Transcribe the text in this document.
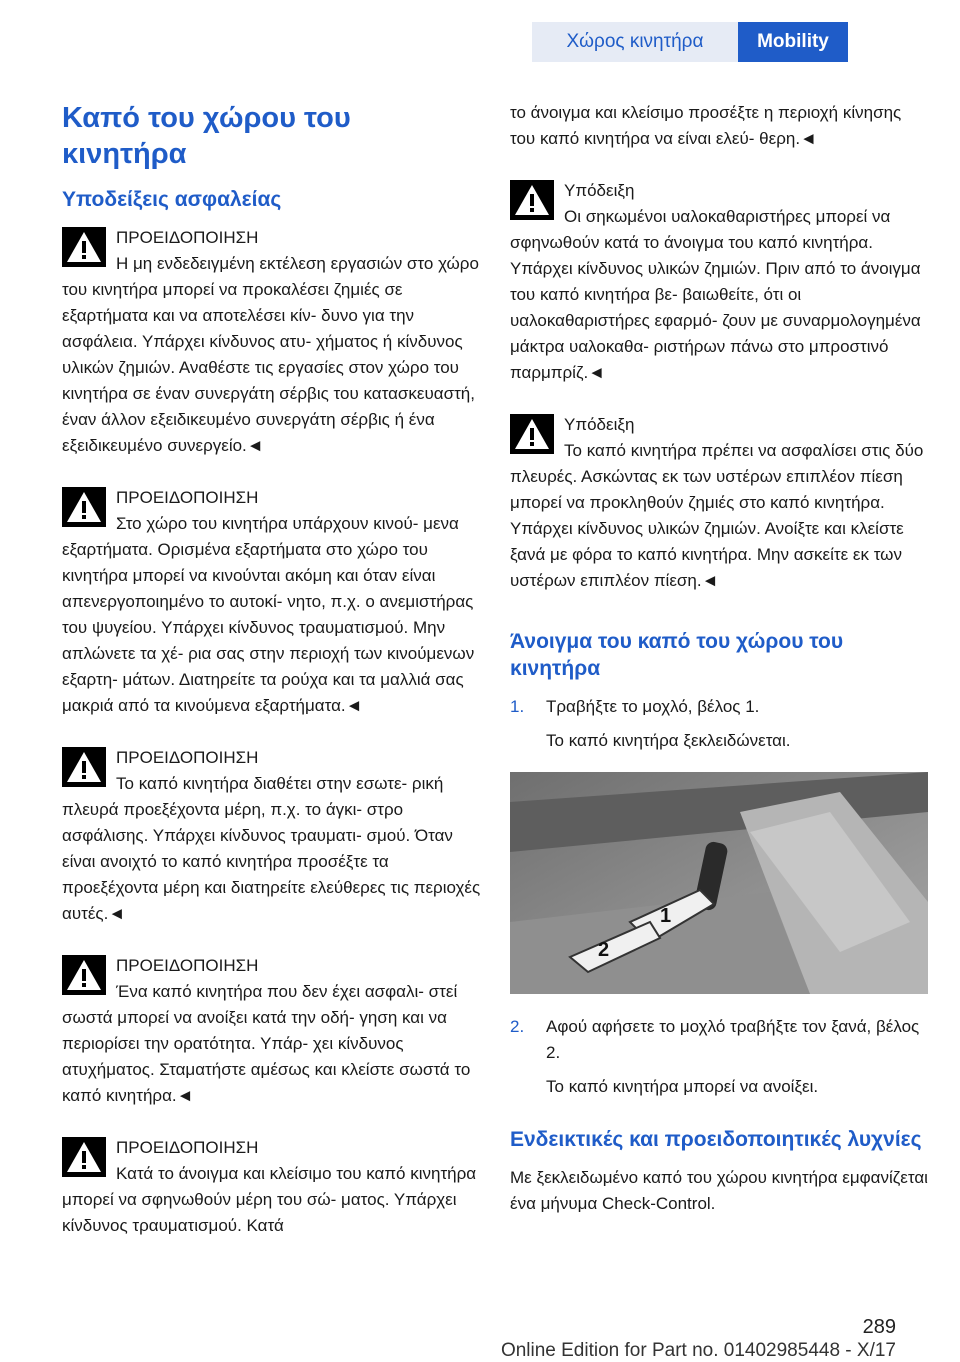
Χώρος κινητήρα	Mobility
Καπό του χώρου του κινητήρα
Υποδείξεις ασφαλείας
ΠΡΟΕΙΔΟΠΟΙΗΣΗ

Η μη ενδεδειγμένη εκτέλεση εργασιών στο χώρο του κινητήρα μπορεί να προκαλέσει ζημιές σε εξαρτήματα και να αποτελέσει κίν- δυνο για την ασφάλεια. Υπάρχει κίνδυνος ατυ- χήματος ή κίνδυνος υλικών ζημιών. Αναθέστε τις εργασίες στον χώρο του κινητήρα σε έναν συνεργάτη σέρβις του κατασκευαστή, έναν άλλον εξειδικευμένο συνεργάτη σέρβις ή ένα εξειδικευμένο συνεργείο.◄

ΠΡΟΕΙΔΟΠΟΙΗΣΗ

Στο χώρο του κινητήρα υπάρχουν κινού- μενα εξαρτήματα. Ορισμένα εξαρτήματα στο χώρο του κινητήρα μπορεί να κινούνται ακόμη και όταν είναι απενεργοποιημένο το αυτοκί- νητο, π.χ. ο ανεμιστήρας του ψυγείου. Υπάρχει κίνδυνος τραυματισμού. Μην απλώνετε τα χέ- ρια σας στην περιοχή των κινούμενων εξαρτη- μάτων. Διατηρείτε τα ρούχα και τα μαλλιά σας μακριά από τα κινούμενα εξαρτήματα.◄

ΠΡΟΕΙΔΟΠΟΙΗΣΗ

Το καπό κινητήρα διαθέτει στην εσωτε- ρική πλευρά προεξέχοντα μέρη, π.χ. το άγκι- στρο ασφάλισης. Υπάρχει κίνδυνος τραυματι- σμού. Όταν είναι ανοιχτό το καπό κινητήρα προσέξτε τα προεξέχοντα μέρη και διατηρείτε ελεύθερες τις περιοχές αυτές.◄

ΠΡΟΕΙΔΟΠΟΙΗΣΗ

Ένα καπό κινητήρα που δεν έχει ασφαλι- στεί σωστά μπορεί να ανοίξει κατά την οδή- γηση και να περιορίσει την ορατότητα. Υπάρ- χει κίνδυνος ατυχήματος. Σταματήστε αμέσως και κλείστε σωστά το καπό κινητήρα.◄

ΠΡΟΕΙΔΟΠΟΙΗΣΗ

Κατά το άνοιγμα και κλείσιμο του καπό κινητήρα μπορεί να σφηνωθούν μέρη του σώ- ματος. Υπάρχει κίνδυνος τραυματισμού. Κατά

το άνοιγμα και κλείσιμο προσέξτε η περιοχή κίνησης του καπό κινητήρα να είναι ελεύ- θερη.◄

Υπόδειξη

Οι σηκωμένοι υαλοκαθαριστήρες μπορεί να σφηνωθούν κατά το άνοιγμα του καπό κινητήρα. Υπάρχει κίνδυνος υλικών ζημιών. Πριν από το άνοιγμα του καπό κινητήρα βε- βαιωθείτε, ότι οι υαλοκαθαριστήρες εφαρμό- ζουν με συναρμολογημένα μάκτρα υαλοκαθα- ριστήρων πάνω στο μπροστινό παρμπρίζ.◄

Υπόδειξη

Το καπό κινητήρα πρέπει να ασφαλίσει στις δύο πλευρές. Ασκώντας εκ των υστέρων επιπλέον πίεση μπορεί να προκληθούν ζημιές στο καπό κινητήρα. Υπάρχει κίνδυνος υλικών ζημιών. Ανοίξτε και κλείστε ξανά με φόρα το καπό κινητήρα. Μην ασκείτε εκ των υστέρων επιπλέον πίεση.◄

Άνοιγμα του καπό του χώρου του κινητήρα
1. Τραβήξτε το μοχλό, βέλος 1.
Το καπό κινητήρα ξεκλειδώνεται.
1
2
2. Αφού αφήσετε το μοχλό τραβήξτε τον ξανά, βέλος 2.
Το καπό κινητήρα μπορεί να ανοίξει.
Ενδεικτικές και προειδοποιητικές λυχνίες

Με ξεκλειδωμένο καπό του χώρου κινητήρα εμφανίζεται ένα μήνυμα Check-Control.

289
Online Edition for Part no. 01402985448 - X/17
